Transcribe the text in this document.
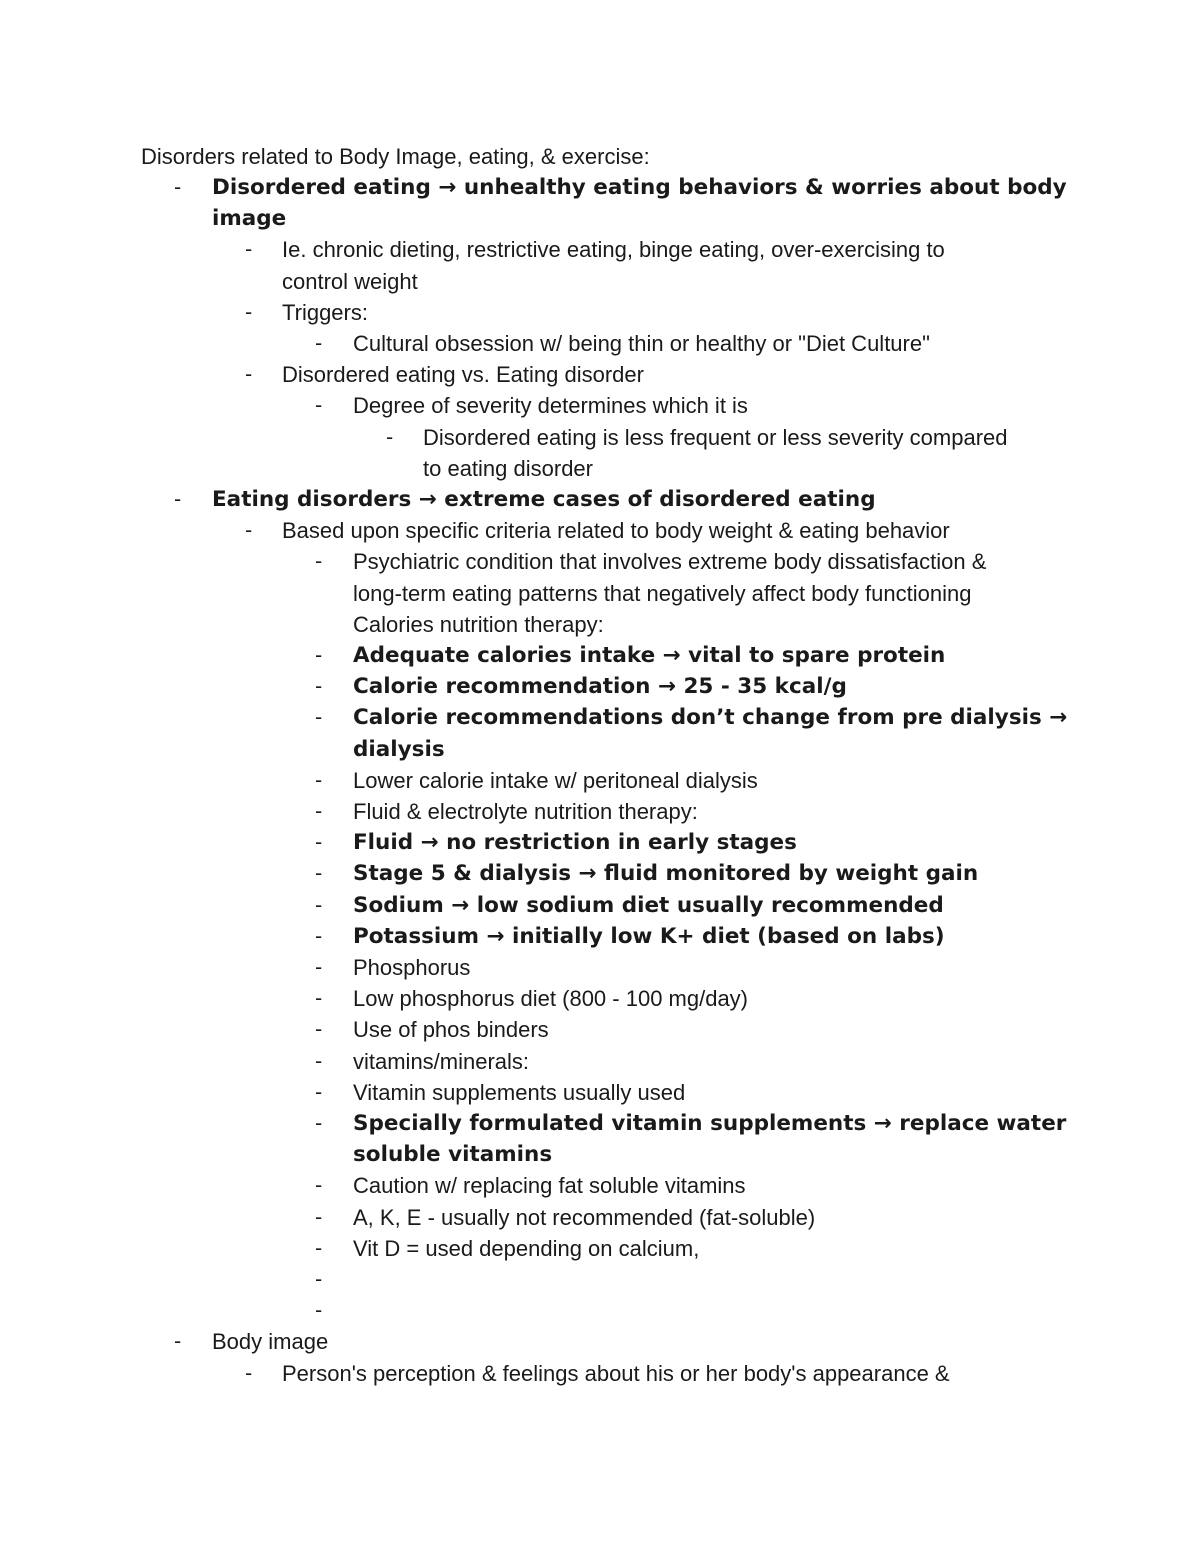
Disorders related to Body Image, eating, & exercise:
- Disordered eating → unhealthy eating behaviors & worries about body
image
- Ie. chronic dieting, restrictive eating, binge eating, over-exercising to
control weight
- Triggers:
- Cultural obsession w/ being thin or healthy or "Diet Culture"
- Disordered eating vs. Eating disorder
- Degree of severity determines which it is
- Disordered eating is less frequent or less severity compared
to eating disorder
- Eating disorders → extreme cases of disordered eating
- Based upon specific criteria related to body weight & eating behavior
- Psychiatric condition that involves extreme body dissatisfaction &
long-term eating patterns that negatively affect body functioning
Calories nutrition therapy:
- Adequate calories intake → vital to spare protein
- Calorie recommendation → 25 - 35 kcal/g
- Calorie recommendations don’t change from pre dialysis →
dialysis
- Lower calorie intake w/ peritoneal dialysis
- Fluid & electrolyte nutrition therapy:
- Fluid → no restriction in early stages
- Stage 5 & dialysis → fluid monitored by weight gain
- Sodium → low sodium diet usually recommended
- Potassium → initially low K+ diet (based on labs)
- Phosphorus
- Low phosphorus diet (800 - 100 mg/day)
- Use of phos binders
- vitamins/minerals:
- Vitamin supplements usually used
- Specially formulated vitamin supplements → replace water
soluble vitamins
- Caution w/ replacing fat soluble vitamins
- A, K, E - usually not recommended (fat-soluble)
- Vit D = used depending on calcium,
-
-
- Body image
- Person's perception & feelings about his or her body's appearance &
